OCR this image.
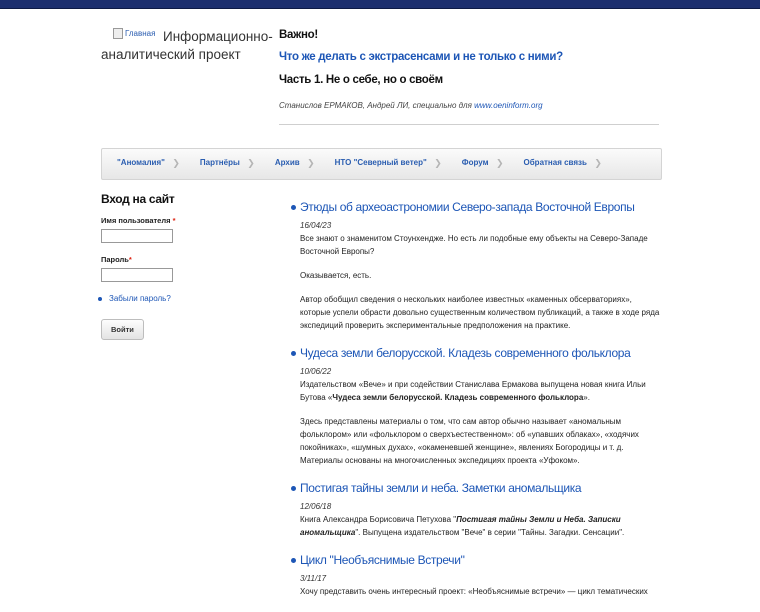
Главная Информационно-аналитический проект
Важно!
Что же делать с экстрасенсами и не только с ними?
Часть 1. Не о себе, но о своём
Станислов ЕРМАКОВ, Андрей ЛИ, специально для www.oeninform.org
"Аномалия" ❯	Партнёры ❯	Архив ❯	НТО "Северный ветер" ❯	Форум ❯	Обратная связь ❯
Вход на сайт
Имя пользователя *
Пароль*
Забыли пароль?
Войти
Этюды об археоастрономии Северо-запада Восточной Европы
16/04/23

Все знают о знаменитом Стоунхендже. Но есть ли подобные ему объекты на Северо-Западе Восточной Европы?

Оказывается, есть.

Автор обобщил сведения о нескольких наиболее известных «каменных обсерваториях», которые успели обрасти довольно существенным количеством публикаций, а также в ходе ряда экспедиций проверить экспериментальные предположения на практике.

Чудеса земли белорусской. Кладезь современного фольклора
10/06/22

Издательством «Вече» и при содействии Станислава Ермакова выпущена новая книга Ильи Бутова «Чудеса земли белорусской. Кладезь современного фольклора».

Здесь представлены материалы о том, что сам автор обычно называет «аномальным фольклором» или «фольклором о сверхъестественном»: об «упавших облаках», «ходячих покойниках», «шумных духах», «окаменевшей женщине», явлениях Богородицы и т. д. Материалы основаны на многочисленных экспедициях проекта «Уфоком».

Постигая тайны земли и неба. Заметки аномальщика
12/06/18

Книга Александра Борисовича Петухова "Постигая тайны Земли и Неба. Записки аномальщика". Выпущена издательством "Вече" в серии "Тайны. Загадки. Сенсации".

Цикл "Необъяснимые Встречи"
3/11/17

Хочу представить очень интересный проект: «Необъяснимые встречи» — цикл тематических
